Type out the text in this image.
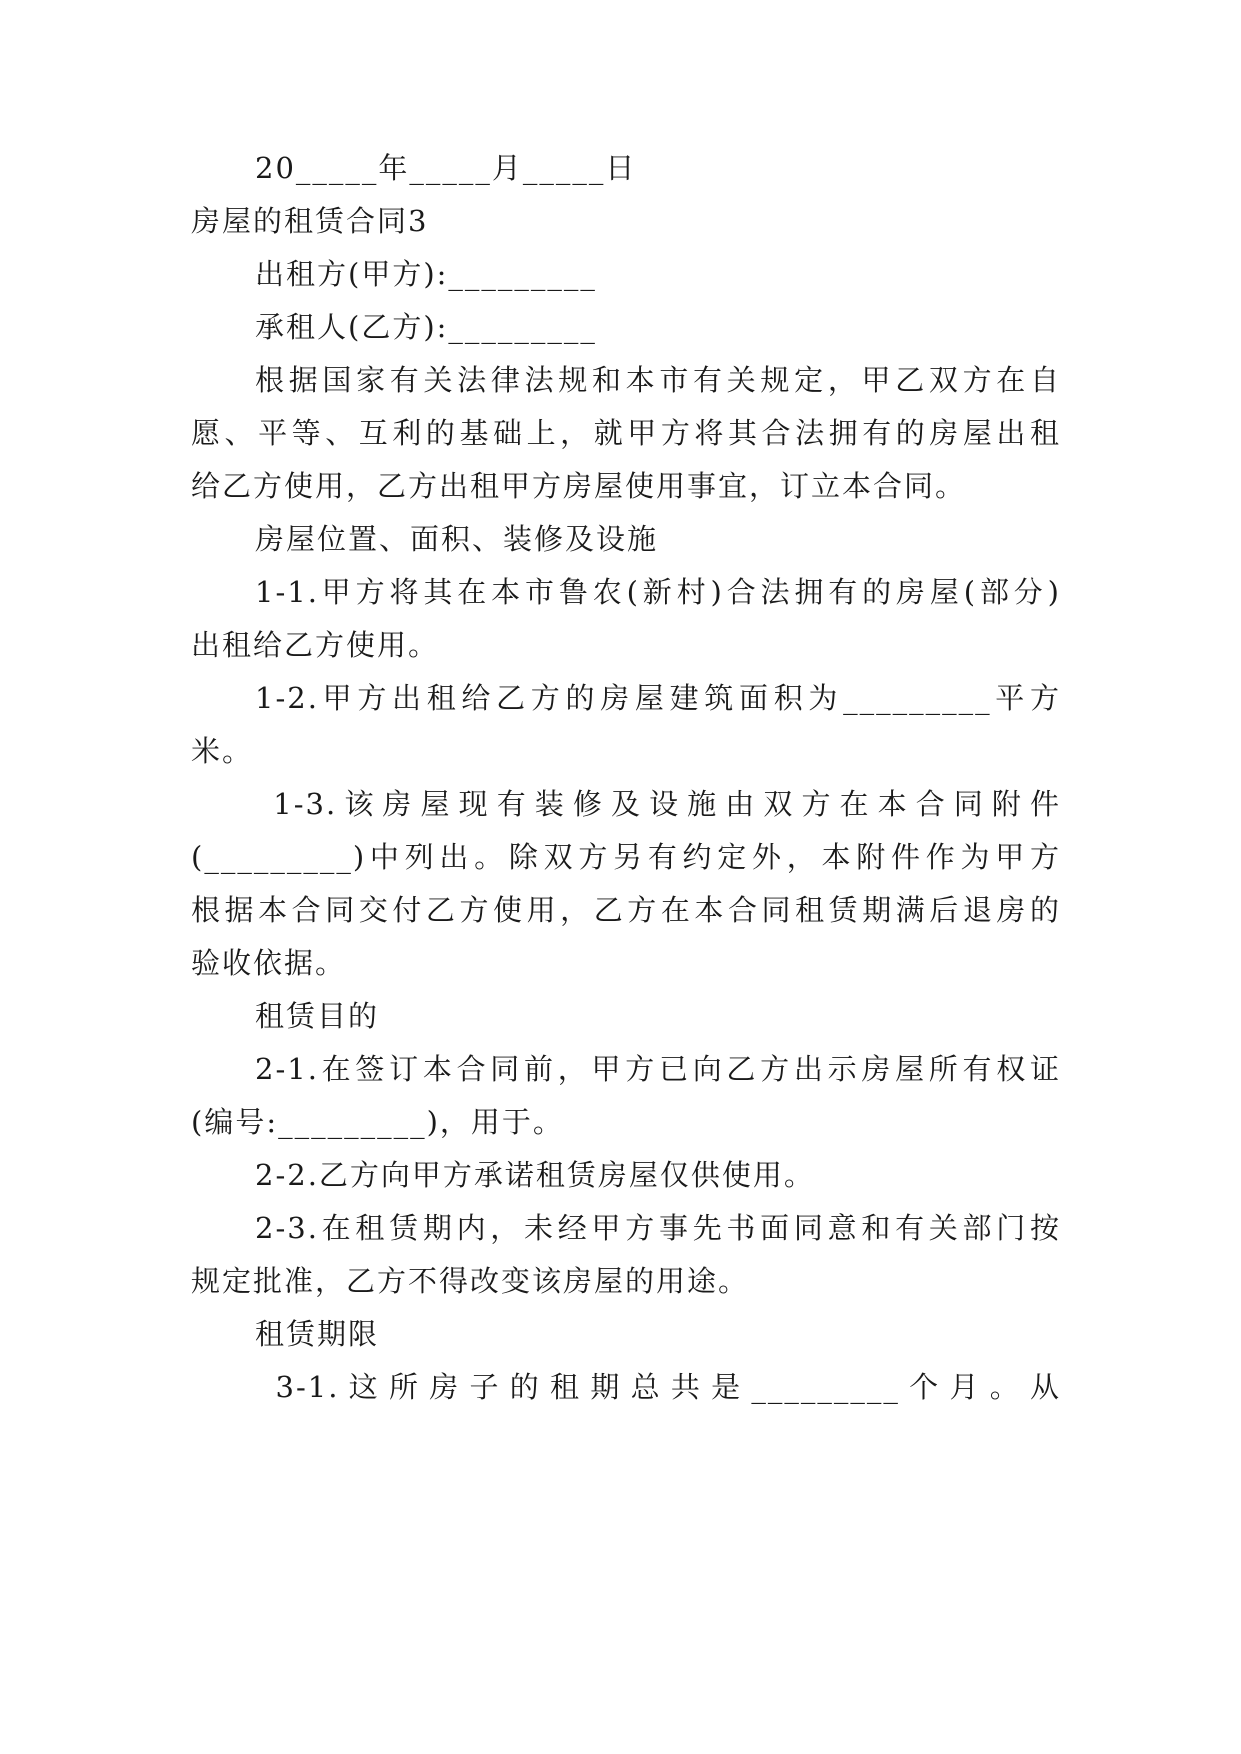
20_____年_____月_____日
房屋的租赁合同3
出租方(甲方):_________
承租人(乙方):_________
根据国家有关法律法规和本市有关规定，甲乙双方在自
愿、平等、互利的基础上，就甲方将其合法拥有的房屋出租
给乙方使用，乙方出租甲方房屋使用事宜，订立本合同。
房屋位置、面积、装修及设施
1-1.甲方将其在本市鲁农(新村)合法拥有的房屋(部分)
出租给乙方使用。
1-2.甲方出租给乙方的房屋建筑面积为_________平方
米。
1-3.该房屋现有装修及设施由双方在本合同附件
(_________)中列出。除双方另有约定外，本附件作为甲方
根据本合同交付乙方使用，乙方在本合同租赁期满后退房的
验收依据。
租赁目的
2-1.在签订本合同前，甲方已向乙方出示房屋所有权证
(编号:_________)，用于。
2-2.乙方向甲方承诺租赁房屋仅供使用。
2-3.在租赁期内，未经甲方事先书面同意和有关部门按
规定批准，乙方不得改变该房屋的用途。
租赁期限
3-1.这所房子的租期总共是_________个月。从
